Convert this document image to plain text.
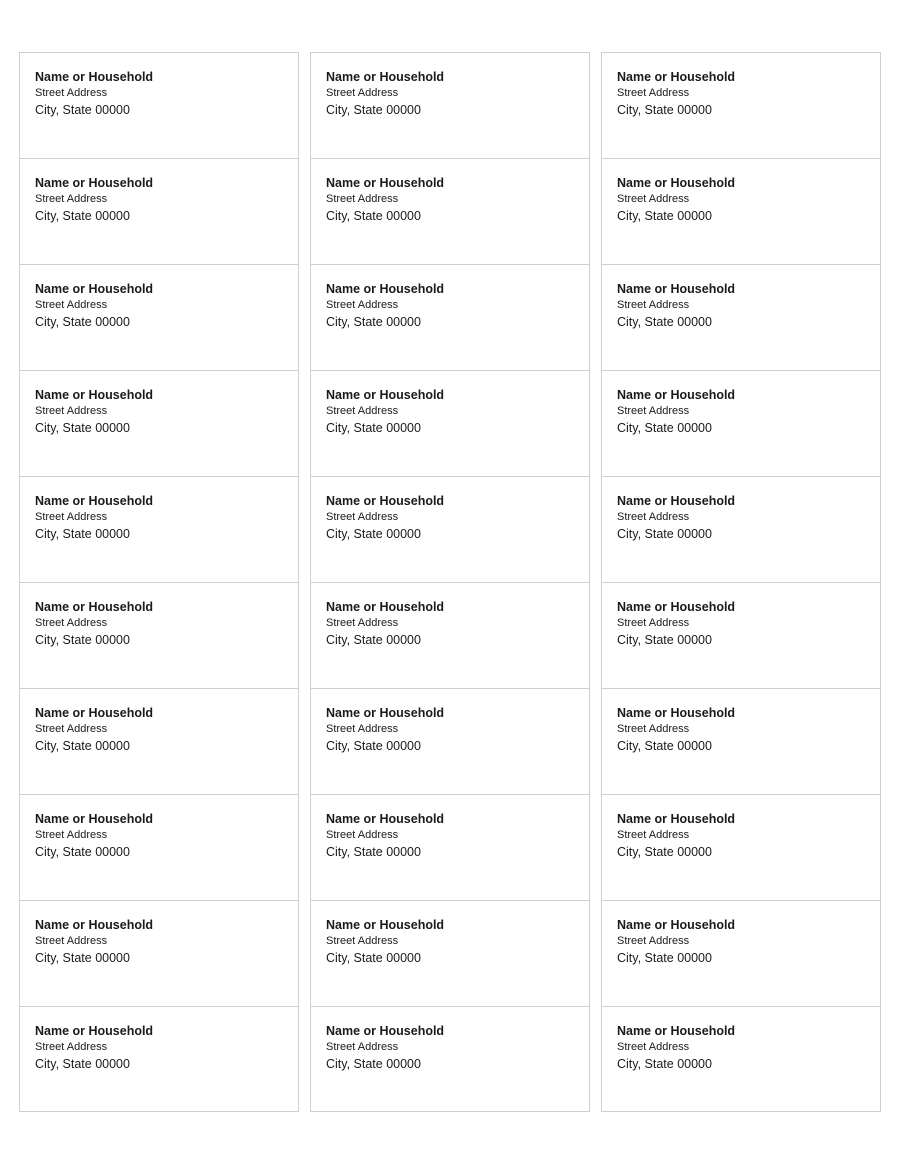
Name or Household

Street Address

City, State 00000

Name or Household

Street Address

City, State 00000

Name or Household

Street Address

City, State 00000

Name or Household

Street Address

City, State 00000

Name or Household

Street Address

City, State 00000

Name or Household

Street Address

City, State 00000

Name or Household

Street Address

City, State 00000

Name or Household

Street Address

City, State 00000

Name or Household

Street Address

City, State 00000

Name or Household

Street Address

City, State 00000

Name or Household

Street Address

City, State 00000

Name or Household

Street Address

City, State 00000

Name or Household

Street Address

City, State 00000

Name or Household

Street Address

City, State 00000

Name or Household

Street Address

City, State 00000

Name or Household

Street Address

City, State 00000

Name or Household

Street Address

City, State 00000

Name or Household

Street Address

City, State 00000

Name or Household

Street Address

City, State 00000

Name or Household

Street Address

City, State 00000

Name or Household

Street Address

City, State 00000

Name or Household

Street Address

City, State 00000

Name or Household

Street Address

City, State 00000

Name or Household

Street Address

City, State 00000

Name or Household

Street Address

City, State 00000

Name or Household

Street Address

City, State 00000

Name or Household

Street Address

City, State 00000

Name or Household

Street Address

City, State 00000

Name or Household

Street Address

City, State 00000

Name or Household

Street Address

City, State 00000
